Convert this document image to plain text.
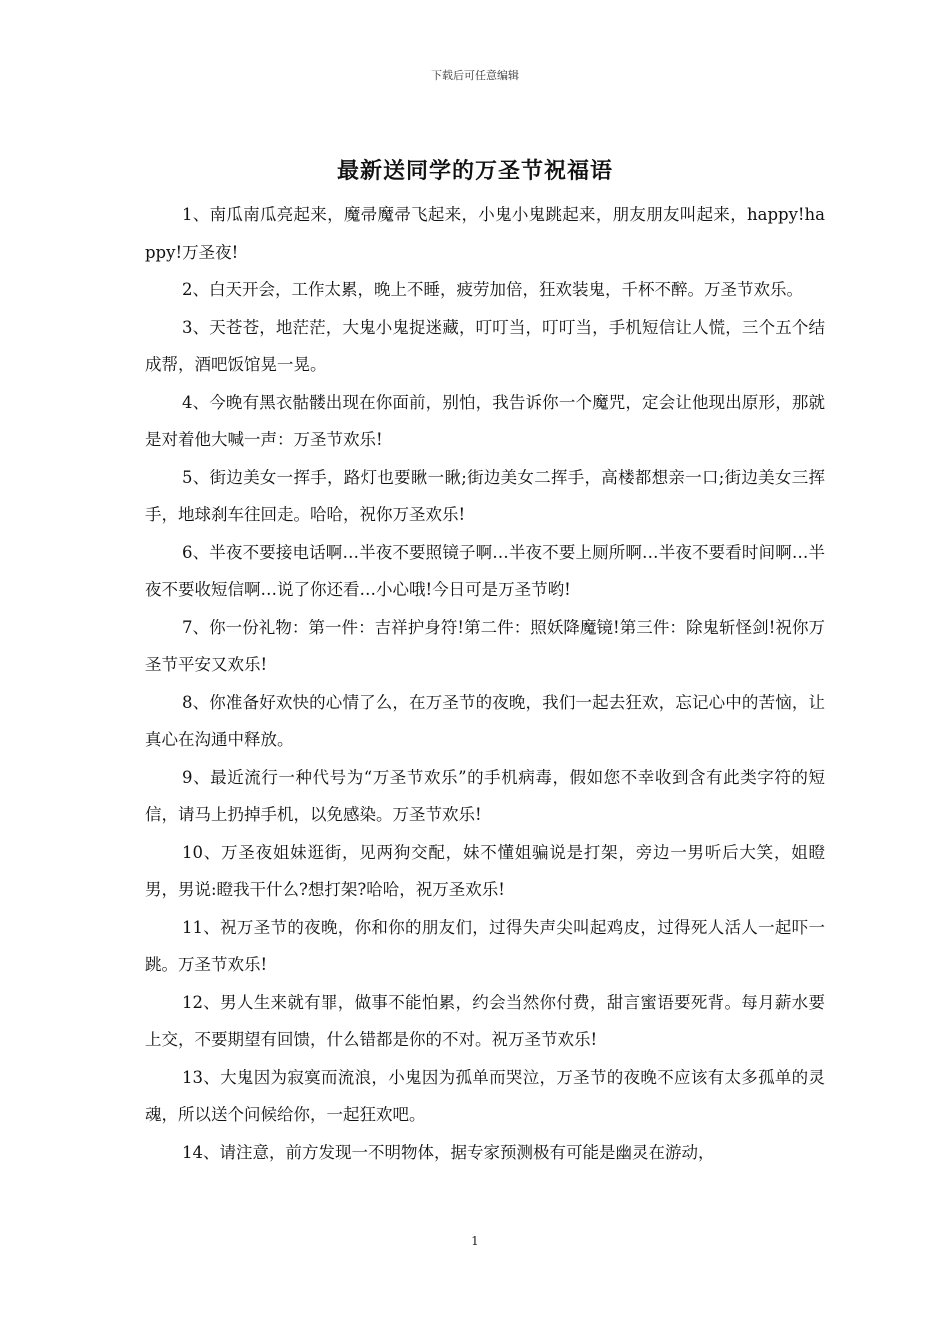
下载后可任意编辑
最新送同学的万圣节祝福语

1、南瓜南瓜亮起来，魔帚魔帚飞起来，小鬼小鬼跳起来，朋友朋友叫起来，happy!happy!万圣夜!

2、白天开会，工作太累，晚上不睡，疲劳加倍，狂欢装鬼，千杯不醉。万圣节欢乐。

3、天苍苍，地茫茫，大鬼小鬼捉迷藏，叮叮当，叮叮当，手机短信让人慌，三个五个结成帮，酒吧饭馆晃一晃。

4、今晚有黑衣骷髅出现在你面前，别怕，我告诉你一个魔咒，定会让他现出原形，那就是对着他大喊一声：万圣节欢乐!

5、街边美女一挥手，路灯也要瞅一瞅;街边美女二挥手，高楼都想亲一口;街边美女三挥手，地球刹车往回走。哈哈，祝你万圣欢乐!

6、半夜不要接电话啊…半夜不要照镜子啊…半夜不要上厕所啊…半夜不要看时间啊…半夜不要收短信啊…说了你还看…小心哦!今日可是万圣节哟!

7、你一份礼物：第一件：吉祥护身符!第二件：照妖降魔镜!第三件：除鬼斩怪剑!祝你万圣节平安又欢乐!

8、你准备好欢快的心情了么，在万圣节的夜晚，我们一起去狂欢，忘记心中的苦恼，让真心在沟通中释放。

9、最近流行一种代号为“万圣节欢乐”的手机病毒，假如您不幸收到含有此类字符的短信，请马上扔掉手机，以免感染。万圣节欢乐!

10、万圣夜姐妹逛街，见两狗交配，妹不懂姐骗说是打架，旁边一男听后大笑，姐瞪男，男说:瞪我干什么?想打架?哈哈，祝万圣欢乐!

11、祝万圣节的夜晚，你和你的朋友们，过得失声尖叫起鸡皮，过得死人活人一起吓一跳。万圣节欢乐!

12、男人生来就有罪，做事不能怕累，约会当然你付费，甜言蜜语要死背。每月薪水要上交，不要期望有回馈，什么错都是你的不对。祝万圣节欢乐!

13、大鬼因为寂寞而流浪，小鬼因为孤单而哭泣，万圣节的夜晚不应该有太多孤单的灵魂，所以送个问候给你，一起狂欢吧。

14、请注意，前方发现一不明物体，据专家预测极有可能是幽灵在游动，

1
